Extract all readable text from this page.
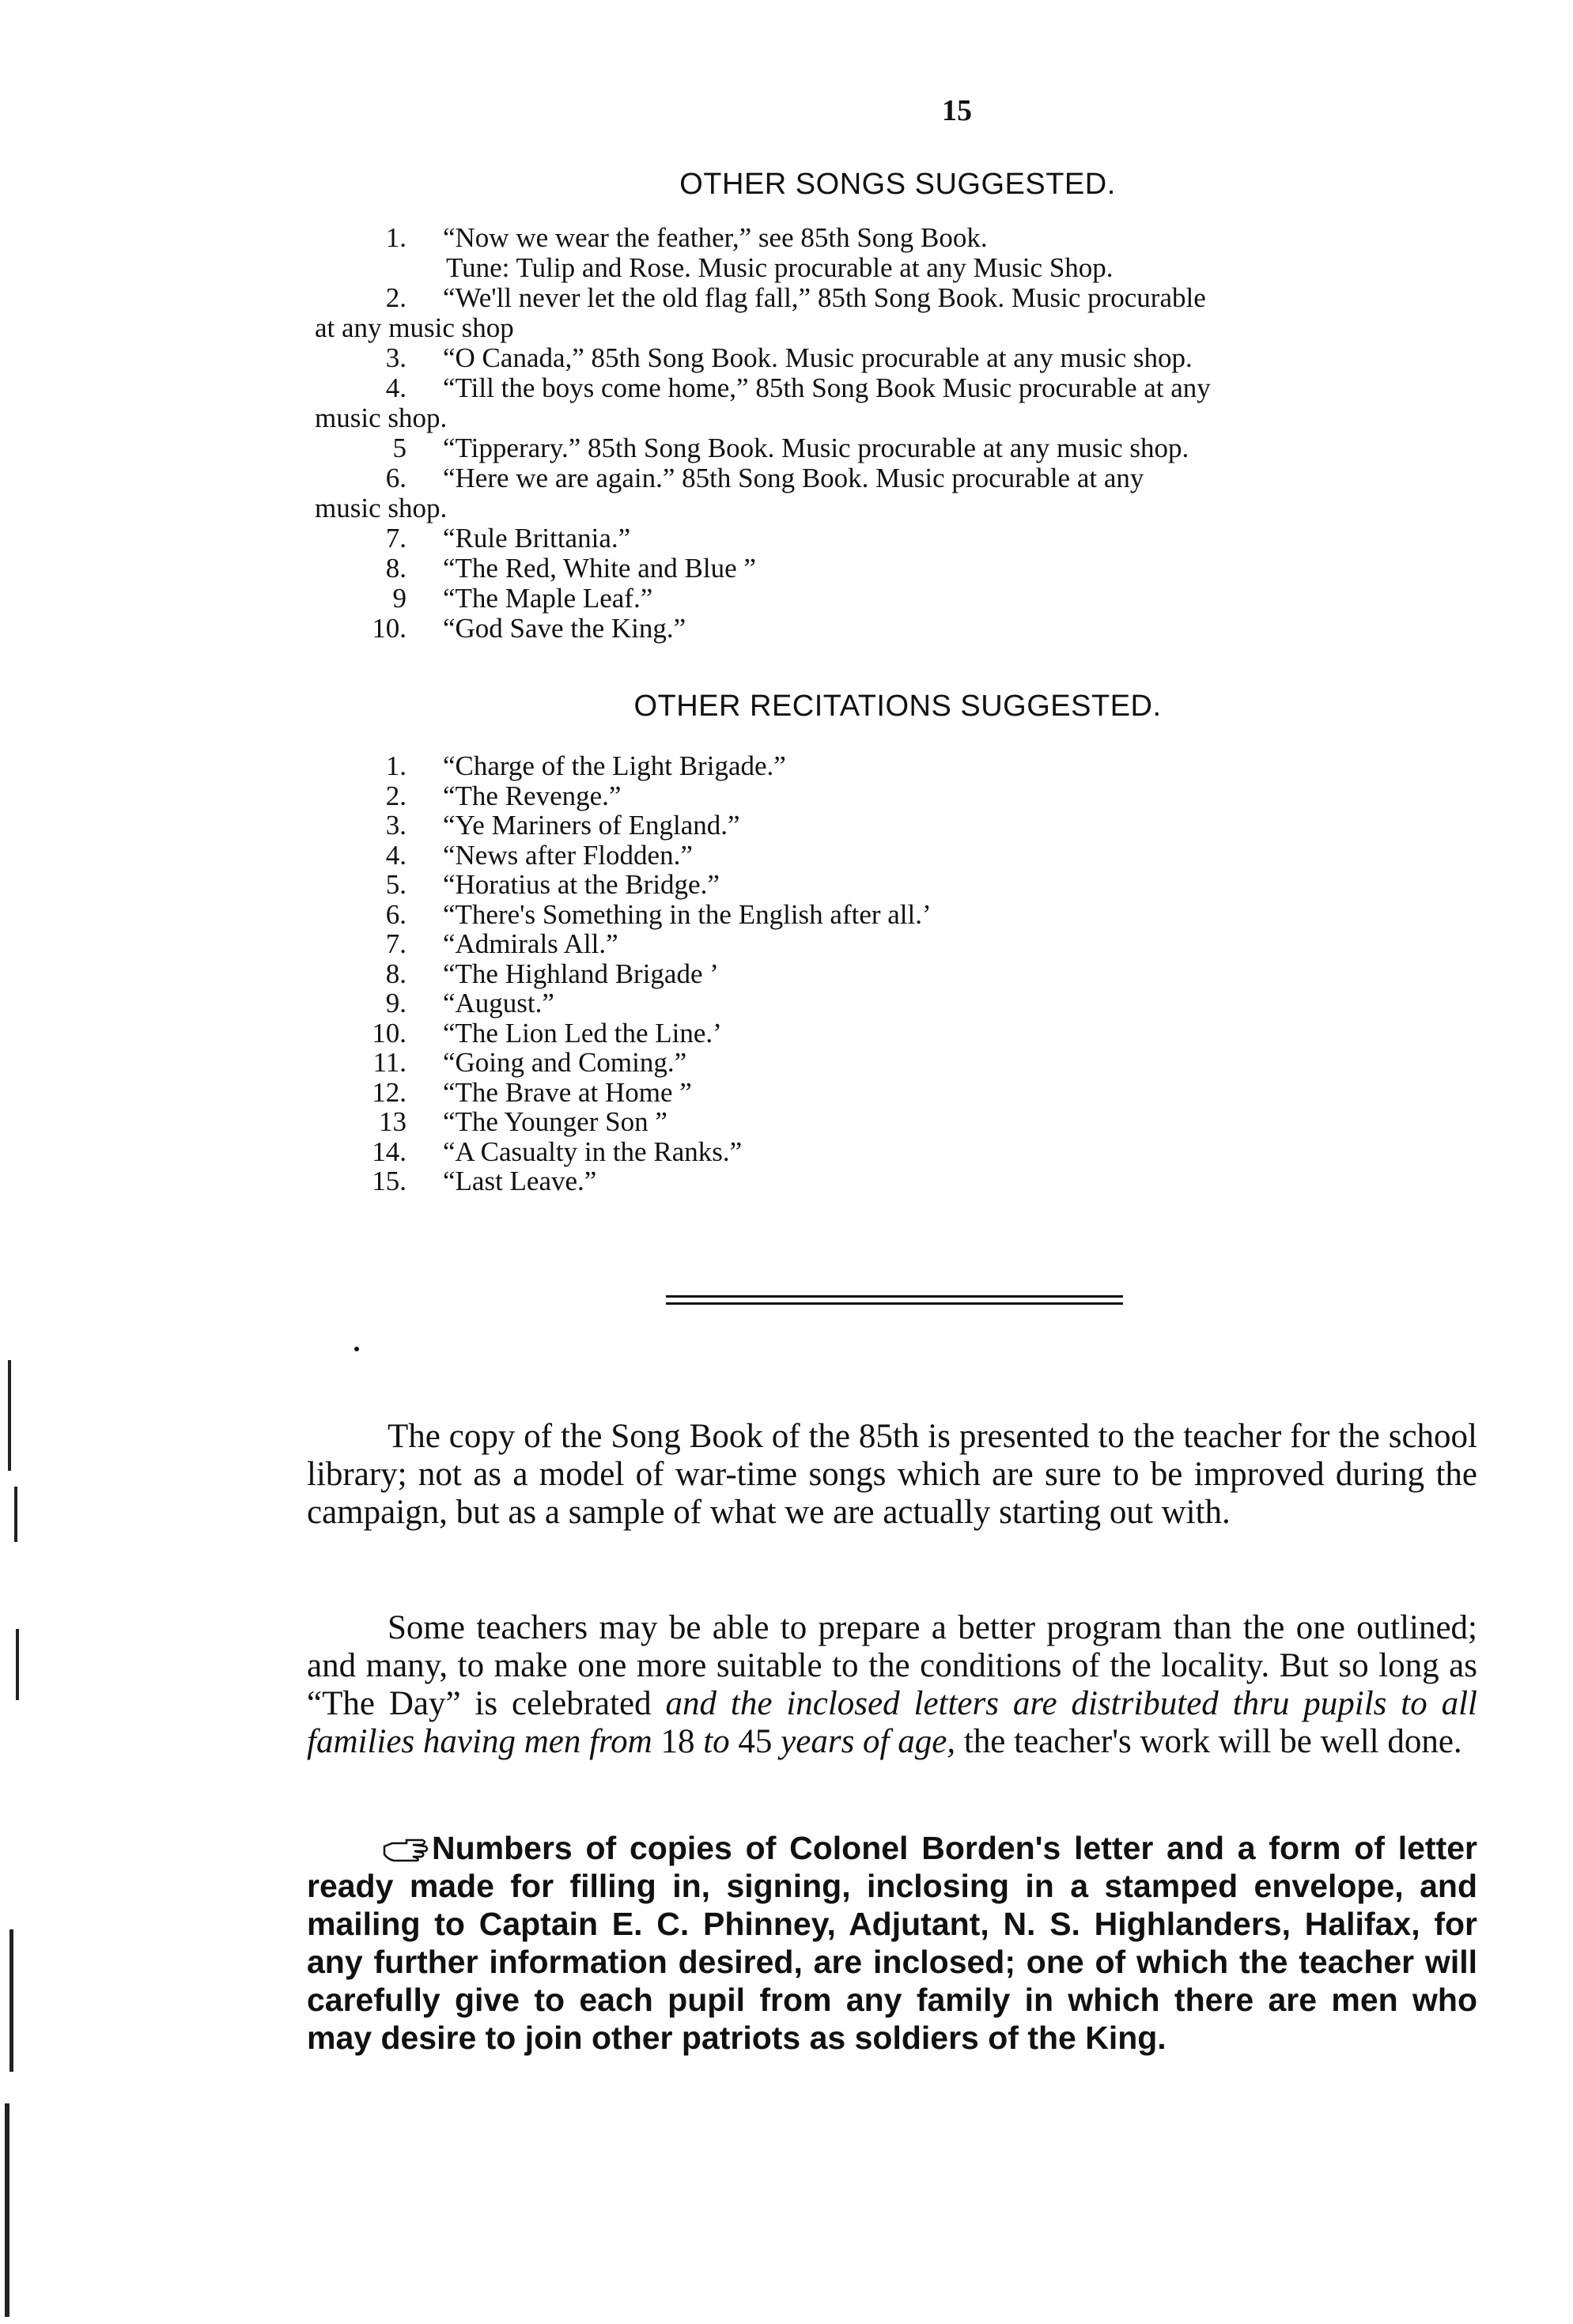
15
OTHER SONGS SUGGESTED.
1. “Now we wear the feather,” see 85th Song Book.
Tune: Tulip and Rose. Music procurable at any Music Shop.
2. “We'll never let the old flag fall,” 85th Song Book. Music procurable
at any music shop
3. “O Canada,” 85th Song Book. Music procurable at any music shop.
4. “Till the boys come home,” 85th Song Book Music procurable at any
music shop.
5 “Tipperary.” 85th Song Book. Music procurable at any music shop.
6. “Here we are again.” 85th Song Book. Music procurable at any
music shop.
7. “Rule Brittania.”
8. “The Red, White and Blue ”
9 “The Maple Leaf.”
10. “God Save the King.”
OTHER RECITATIONS SUGGESTED.
1. “Charge of the Light Brigade.”
2. “The Revenge.”
3. “Ye Mariners of England.”
4. “News after Flodden.”
5. “Horatius at the Bridge.”
6. “There's Something in the English after all.’
7. “Admirals All.”
8. “The Highland Brigade ’
9. “August.”
10. “The Lion Led the Line.’
11. “Going and Coming.”
12. “The Brave at Home ”
13 “The Younger Son ”
14. “A Casualty in the Ranks.”
15. “Last Leave.”

The copy of the Song Book of the 85th is presented to the teacher for the school library; not as a model of war-time songs which are sure to be improved during the campaign, but as a sample of what we are actually starting out with.

Some teachers may be able to prepare a better program than the one outlined; and many, to make one more suitable to the conditions of the locality. But so long as “The Day” is celebrated and the inclosed letters are distributed thru pupils to all families having men from 18 to 45 years of age, the teacher's work will be well done.

Numbers of copies of Colonel Borden's letter and a form of letter ready made for filling in, signing, inclosing in a stamped envelope, and mailing to Captain E. C. Phinney, Adjutant, N. S. Highlanders, Halifax, for any further information desired, are inclosed; one of which the teacher will carefully give to each pupil from any family in which there are men who may desire to join other patriots as soldiers of the King.
